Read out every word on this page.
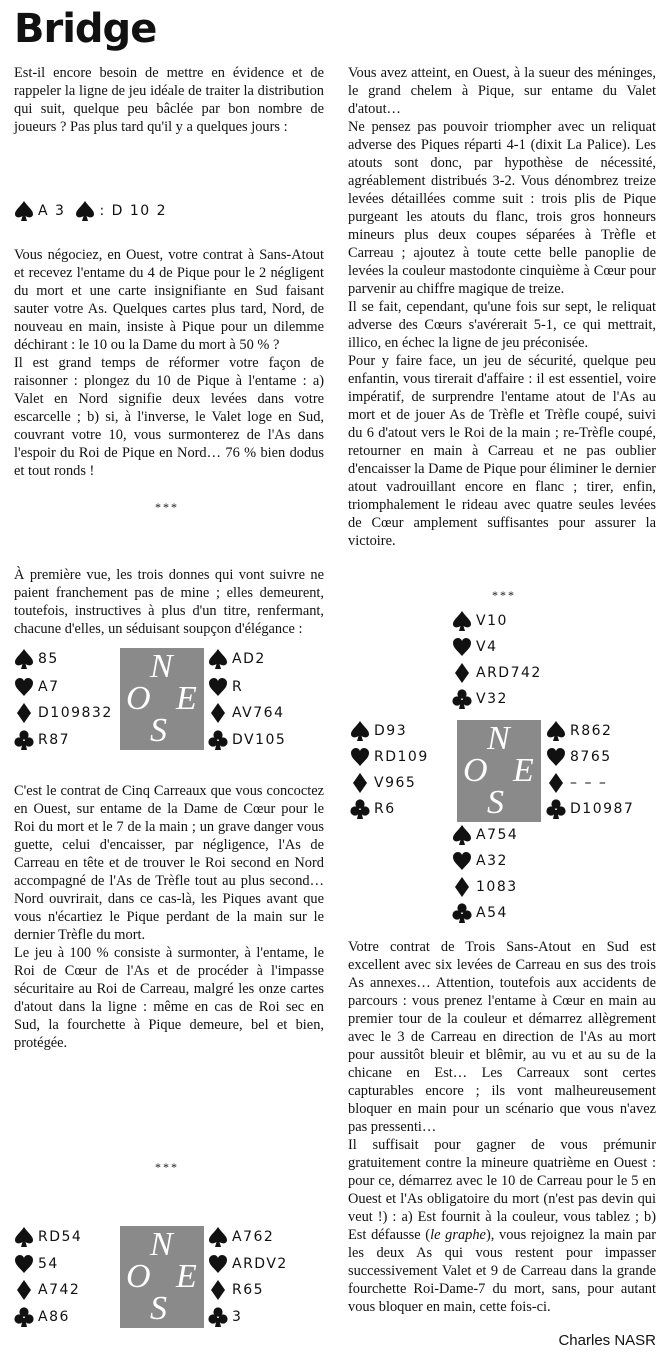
Bridge

Est-il encore besoin de mettre en évidence et de rappeler la ligne de jeu idéale de traiter la distribution qui suit, quelque peu bâclée par bon nombre de joueurs ? Pas plus tard qu'il y a quelques jours :

A 3 : D 10 2

Vous négociez, en Ouest, votre contrat à Sans-Atout et recevez l'entame du 4 de Pique pour le 2 négligent du mort et une carte insignifiante en Sud faisant sauter votre As. Quelques cartes plus tard, Nord, de nouveau en main, insiste à Pique pour un dilemme déchirant : le 10 ou la Dame du mort à 50 % ?

Il est grand temps de réformer votre façon de raisonner : plongez du 10 de Pique à l'entame : a) Valet en Nord signifie deux levées dans votre escarcelle ; b) si, à l'inverse, le Valet loge en Sud, couvrant votre 10, vous surmonterez de l'As dans l'espoir du Roi de Pique en Nord… 76 % bien dodus et tout ronds !

***

À première vue, les trois donnes qui vont suivre ne paient franchement pas de mine ; elles demeurent, toutefois, instructives à plus d'un titre, renfermant, chacune d'elles, un séduisant soupçon d'élégance :

85
A7
D109832
R87
N
O E
S
AD2
R
AV764
DV105

C'est le contrat de Cinq Carreaux que vous concoctez en Ouest, sur entame de la Dame de Cœur pour le Roi du mort et le 7 de la main ; un grave danger vous guette, celui d'encaisser, par négligence, l'As de Carreau en tête et de trouver le Roi second en Nord accompagné de l'As de Trèfle tout au plus second… Nord ouvrirait, dans ce cas-là, les Piques avant que vous n'écartiez le Pique perdant de la main sur le dernier Trèfle du mort.

Le jeu à 100 % consiste à surmonter, à l'entame, le Roi de Cœur de l'As et de procéder à l'impasse sécuritaire au Roi de Carreau, malgré les onze cartes d'atout dans la ligne : même en cas de Roi sec en Sud, la fourchette à Pique demeure, bel et bien, protégée.

***
RD54
54
A742
A86
N
O E
S
A762
ARDV2
R65
3

Vous avez atteint, en Ouest, à la sueur des méninges, le grand chelem à Pique, sur entame du Valet d'atout…

Ne pensez pas pouvoir triompher avec un reliquat adverse des Piques réparti 4-1 (dixit La Palice). Les atouts sont donc, par hypothèse de nécessité, agréablement distribués 3-2. Vous dénombrez treize levées détaillées comme suit : trois plis de Pique purgeant les atouts du flanc, trois gros honneurs mineurs plus deux coupes séparées à Trèfle et Carreau ; ajoutez à toute cette belle panoplie de levées la couleur mastodonte cinquième à Cœur pour parvenir au chiffre magique de treize.

Il se fait, cependant, qu'une fois sur sept, le reliquat adverse des Cœurs s'avérerait 5-1, ce qui mettrait, illico, en échec la ligne de jeu préconisée.

Pour y faire face, un jeu de sécurité, quelque peu enfantin, vous tirerait d'affaire : il est essentiel, voire impératif, de surprendre l'entame atout de l'As au mort et de jouer As de Trèfle et Trèfle coupé, suivi du 6 d'atout vers le Roi de la main ; re-Trèfle coupé, retourner en main à Carreau et ne pas oublier d'encaisser la Dame de Pique pour éliminer le dernier atout vadrouillant encore en flanc ; tirer, enfin, triomphalement le rideau avec quatre seules levées de Cœur amplement suffisantes pour assurer la victoire.

***
V10
V4
ARD742
V32
D93
RD109
V965
R6
N
O E
S
R862
8765
– – –
D10987
A754
A32
1083
A54

Votre contrat de Trois Sans-Atout en Sud est excellent avec six levées de Carreau en sus des trois As annexes… Attention, toutefois aux accidents de parcours : vous prenez l'entame à Cœur en main au premier tour de la couleur et démarrez allègrement avec le 3 de Carreau en direction de l'As au mort pour aussitôt bleuir et blêmir, au vu et au su de la chicane en Est… Les Carreaux sont certes capturables encore ; ils vont malheureusement bloquer en main pour un scénario que vous n'avez pas pressenti…

Il suffisait pour gagner de vous prémunir gratuitement contre la mineure quatrième en Ouest : pour ce, démarrez avec le 10 de Carreau pour le 5 en Ouest et l'As obligatoire du mort (n'est pas devin qui veut !) : a) Est fournit à la couleur, vous tablez ; b) Est défausse (le graphe), vous rejoignez la main par les deux As qui vous restent pour impasser successivement Valet et 9 de Carreau dans la grande fourchette Roi-Dame-7 du mort, sans, pour autant vous bloquer en main, cette fois-ci.

Charles NASR
